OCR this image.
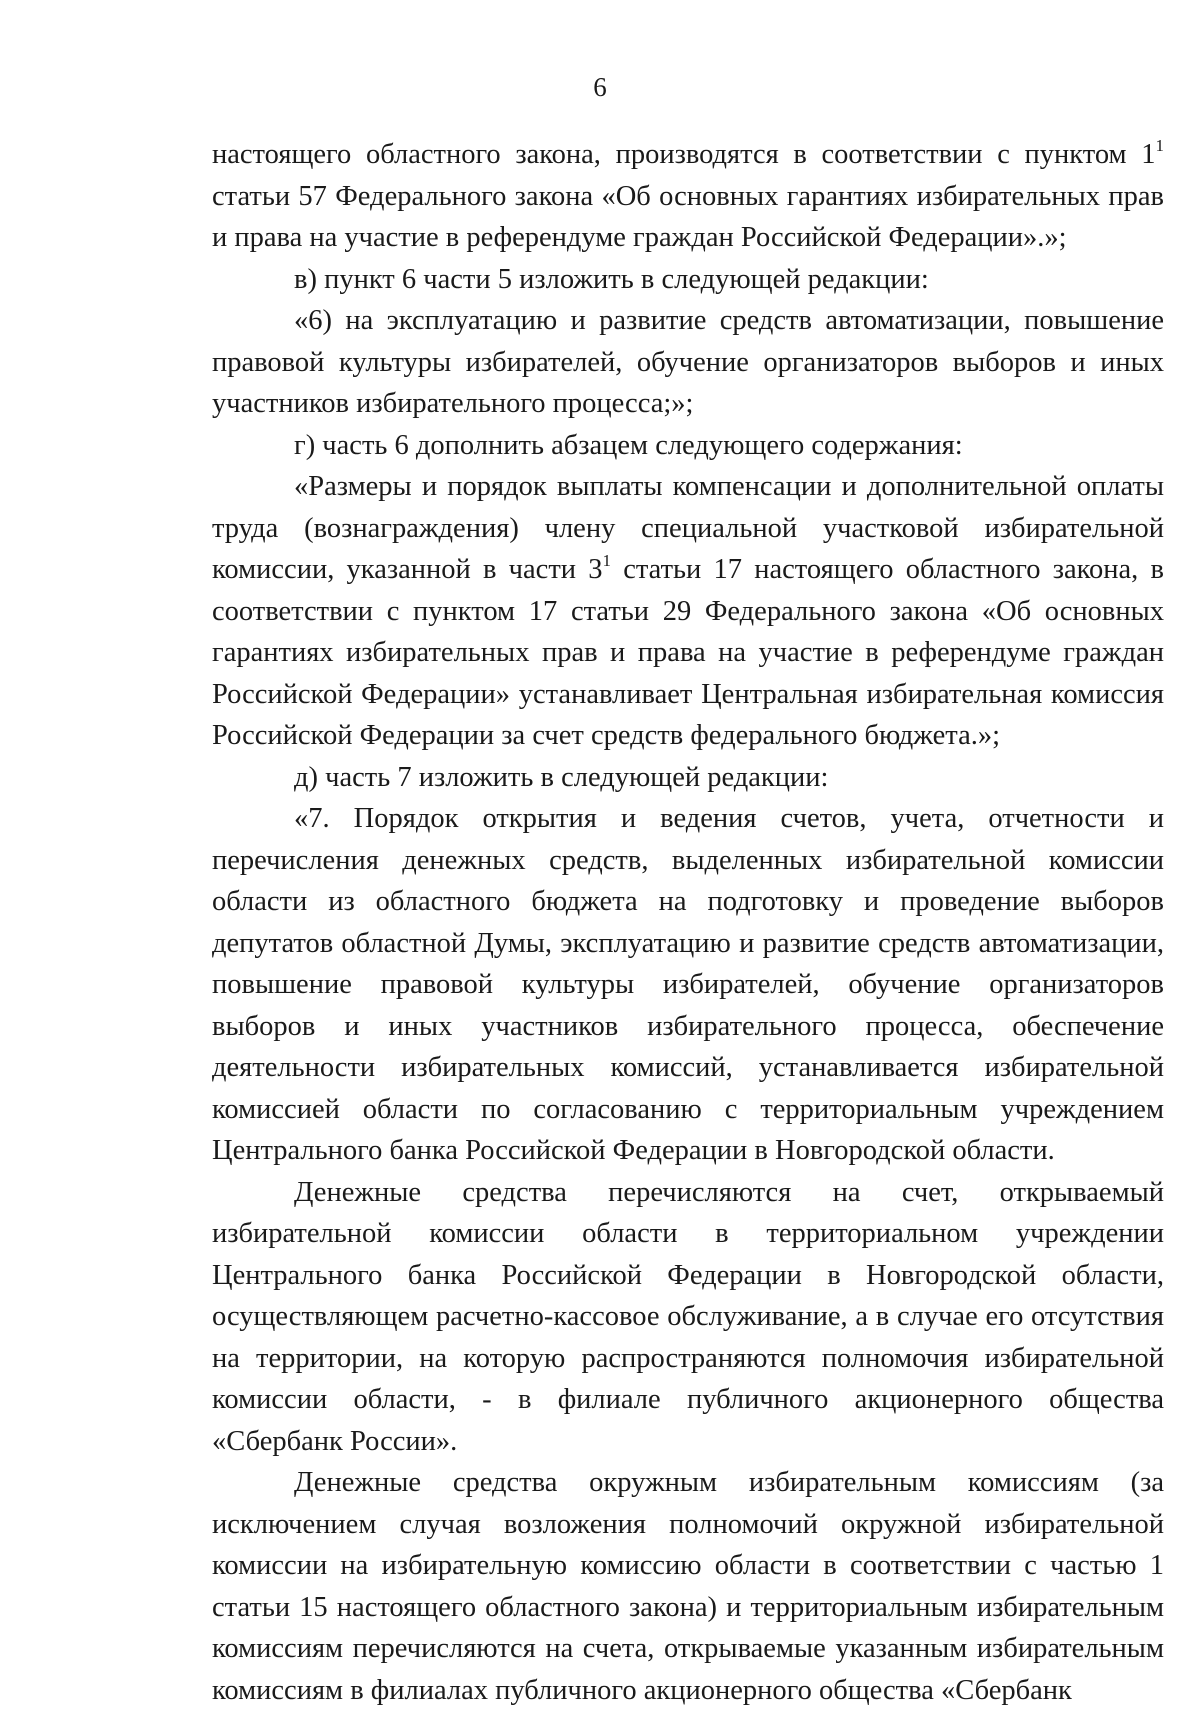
6
настоящего областного закона, производятся в соответствии с пунктом $1^1$
статьи 57 Федерального закона «Об основных гарантиях избирательных прав
и права на участие в референдуме граждан Российской Федерации».»;
в) пункт 6 части 5 изложить в следующей редакции:
«6) на эксплуатацию и развитие средств автоматизации, повышение
правовой культуры избирателей, обучение организаторов выборов и иных
участников избирательного процесса;»;
г) часть 6 дополнить абзацем следующего содержания:
«Размеры и порядок выплаты компенсации и дополнительной оплаты
труда (вознаграждения) члену специальной участковой избирательной
комиссии, указанной в части $3^1$ статьи 17 настоящего областного закона, в
соответствии с пунктом 17 статьи 29 Федерального закона «Об основных
гарантиях избирательных прав и права на участие в референдуме граждан
Российской Федерации» устанавливает Центральная избирательная комиссия
Российской Федерации за счет средств федерального бюджета.»;
д) часть 7 изложить в следующей редакции:
«7. Порядок открытия и ведения счетов, учета, отчетности и
перечисления денежных средств, выделенных избирательной комиссии
области из областного бюджета на подготовку и проведение выборов
депутатов областной Думы, эксплуатацию и развитие средств автоматизации,
повышение правовой культуры избирателей, обучение организаторов
выборов и иных участников избирательного процесса, обеспечение
деятельности избирательных комиссий, устанавливается избирательной
комиссией области по согласованию с территориальным учреждением
Центрального банка Российской Федерации в Новгородской области.
Денежные средства перечисляются на счет, открываемый
избирательной комиссии области в территориальном учреждении
Центрального банка Российской Федерации в Новгородской области,
осуществляющем расчетно-кассовое обслуживание, а в случае его отсутствия
на территории, на которую распространяются полномочия избирательной
комиссии области, - в филиале публичного акционерного общества
«Сбербанк России».
Денежные средства окружным избирательным комиссиям (за
исключением случая возложения полномочий окружной избирательной
комиссии на избирательную комиссию области в соответствии с частью 1
статьи 15 настоящего областного закона) и территориальным избирательным
комиссиям перечисляются на счета, открываемые указанным избирательным
комиссиям в филиалах публичного акционерного общества «Сбербанк
